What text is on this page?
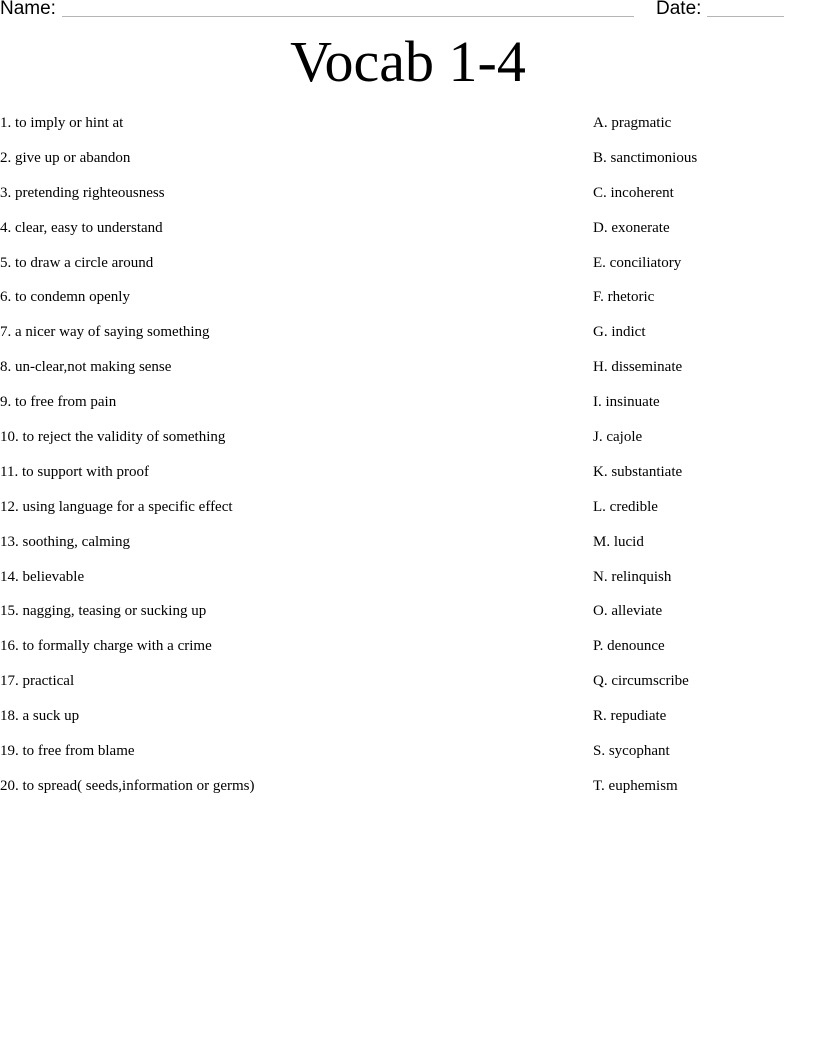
Name:	Date:
Vocab 1-4
1. to imply or hint at
2. give up or abandon
3. pretending righteousness
4. clear, easy to understand
5. to draw a circle around
6. to condemn openly
7. a nicer way of saying something
8. un-clear,not making sense
9. to free from pain
10. to reject the validity of something
11. to support with proof
12. using language for a specific effect
13. soothing, calming
14. believable
15. nagging, teasing or sucking up
16. to formally charge with a crime
17. practical
18. a suck up
19. to free from blame
20. to spread( seeds,information or germs)
A. pragmatic
B. sanctimonious
C. incoherent
D. exonerate
E. conciliatory
F. rhetoric
G. indict
H. disseminate
I. insinuate
J. cajole
K. substantiate
L. credible
M. lucid
N. relinquish
O. alleviate
P. denounce
Q. circumscribe
R. repudiate
S. sycophant
T. euphemism
